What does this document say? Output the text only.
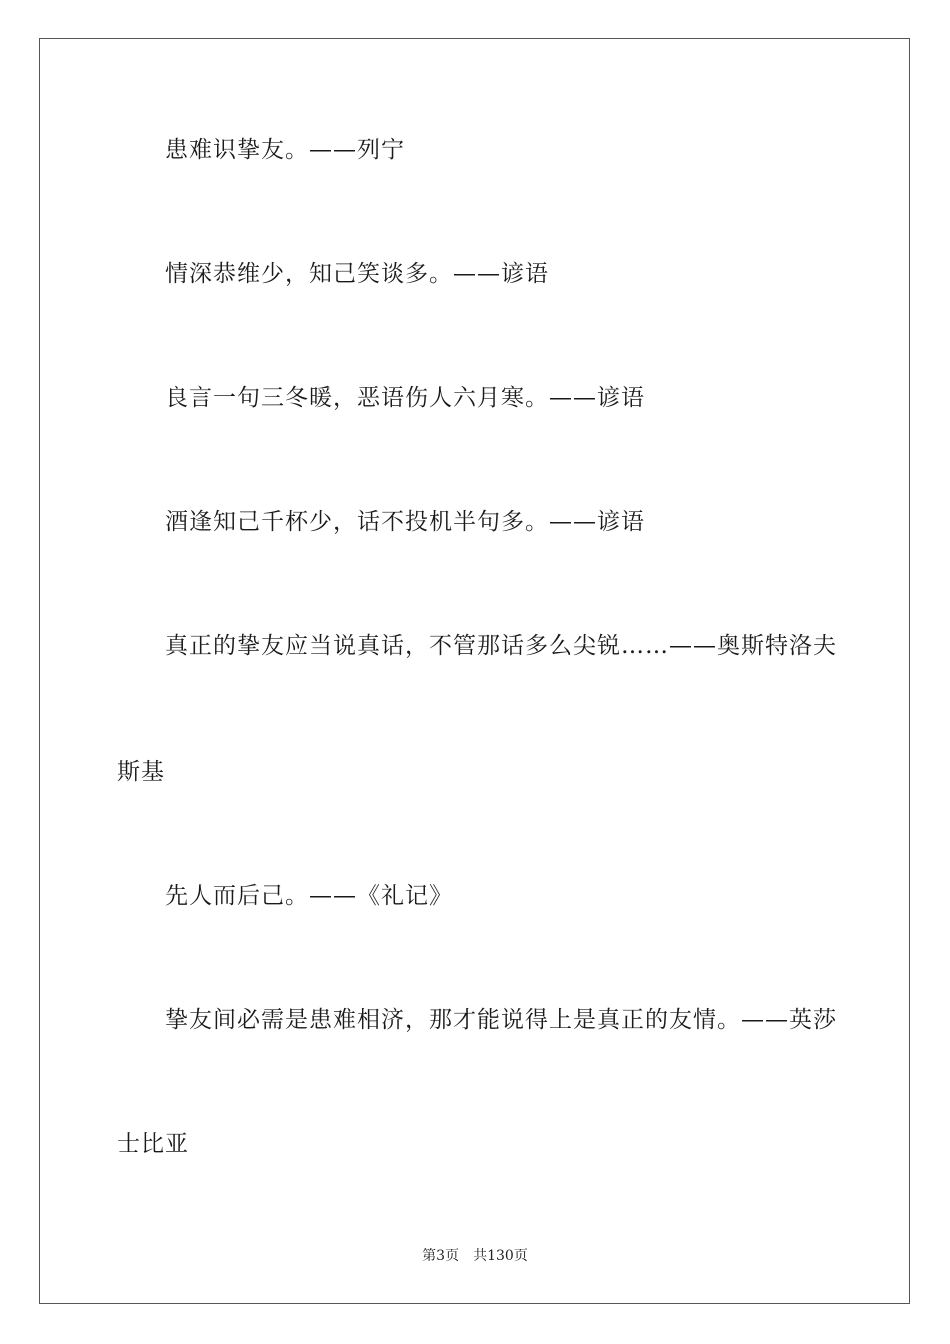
患难识挚友。——列宁
情深恭维少，知己笑谈多。——谚语
良言一句三冬暖，恶语伤人六月寒。——谚语
酒逢知己千杯少，话不投机半句多。——谚语
真正的挚友应当说真话，不管那话多么尖锐……——奥斯特洛夫
斯基
先人而后己。——《礼记》
挚友间必需是患难相济，那才能说得上是真正的友情。——英莎
士比亚
第3页 共130页
